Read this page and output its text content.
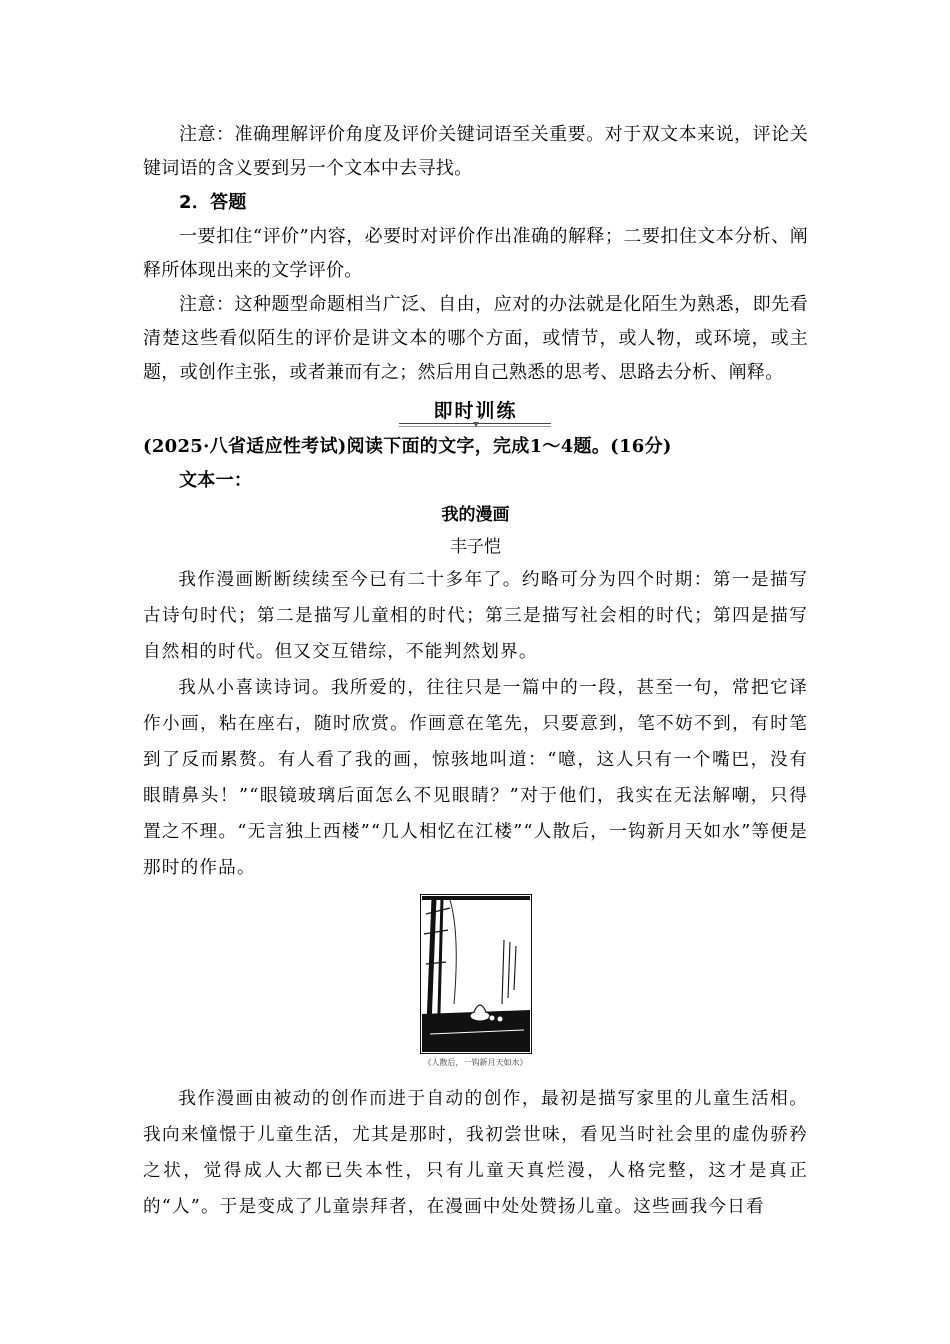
注意：准确理解评价角度及评价关键词语至关重要。对于双文本来说，评论关键词语的含义要到另一个文本中去寻找。

2．答题

一要扣住“评价”内容，必要时对评价作出准确的解释；二要扣住文本分析、阐释所体现出来的文学评价。

注意：这种题型命题相当广泛、自由，应对的办法就是化陌生为熟悉，即先看清楚这些看似陌生的评价是讲文本的哪个方面，或情节，或人物，或环境，或主题，或创作主张，或者兼而有之；然后用自己熟悉的思考、思路去分析、阐释。

即时训练

(2025·八省适应性考试)阅读下面的文字，完成1～4题。(16分)

文本一：

我的漫画

丰子恺

我作漫画断断续续至今已有二十多年了。约略可分为四个时期：第一是描写古诗句时代；第二是描写儿童相的时代；第三是描写社会相的时代；第四是描写自然相的时代。但又交互错综，不能判然划界。

我从小喜读诗词。我所爱的，往往只是一篇中的一段，甚至一句，常把它译作小画，粘在座右，随时欣赏。作画意在笔先，只要意到，笔不妨不到，有时笔到了反而累赘。有人看了我的画，惊骇地叫道：“噫，这人只有一个嘴巴，没有眼睛鼻头！”“眼镜玻璃后面怎么不见眼睛？”对于他们，我实在无法解嘲，只得置之不理。“无言独上西楼”“几人相忆在江楼”“人散后，一钩新月天如水”等便是那时的作品。

《人散后，一钩新月天如水》

我作漫画由被动的创作而进于自动的创作，最初是描写家里的儿童生活相。我向来憧憬于儿童生活，尤其是那时，我初尝世味，看见当时社会里的虚伪骄矜之状，觉得成人大都已失本性，只有儿童天真烂漫，人格完整，这才是真正的“人”。于是变成了儿童崇拜者，在漫画中处处赞扬儿童。这些画我今日看
